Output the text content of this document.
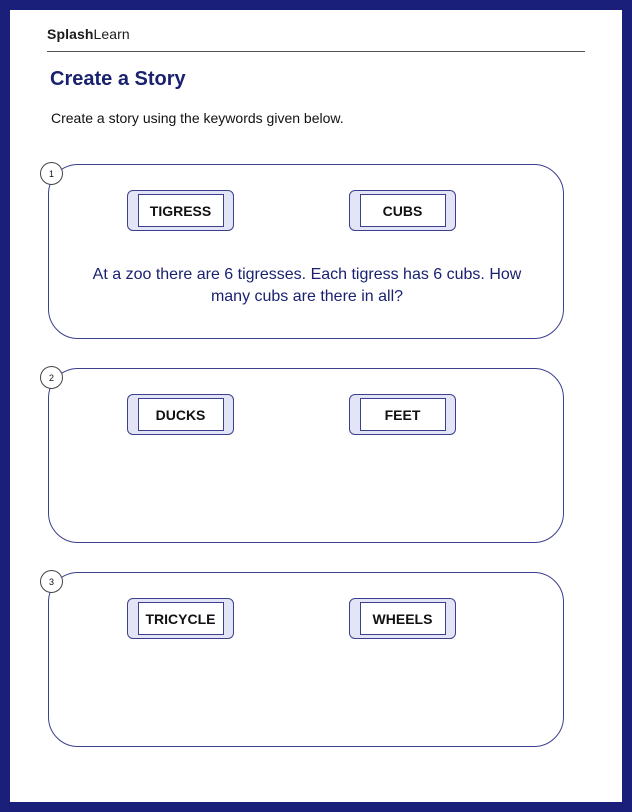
SplashLearn
Create a Story
Create a story using the keywords given below.
1
TIGRESS	CUBS
At a zoo there are 6 tigresses. Each tigress has 6 cubs. How many cubs are there in all?
2
DUCKS	FEET
3
TRICYCLE	WHEELS
